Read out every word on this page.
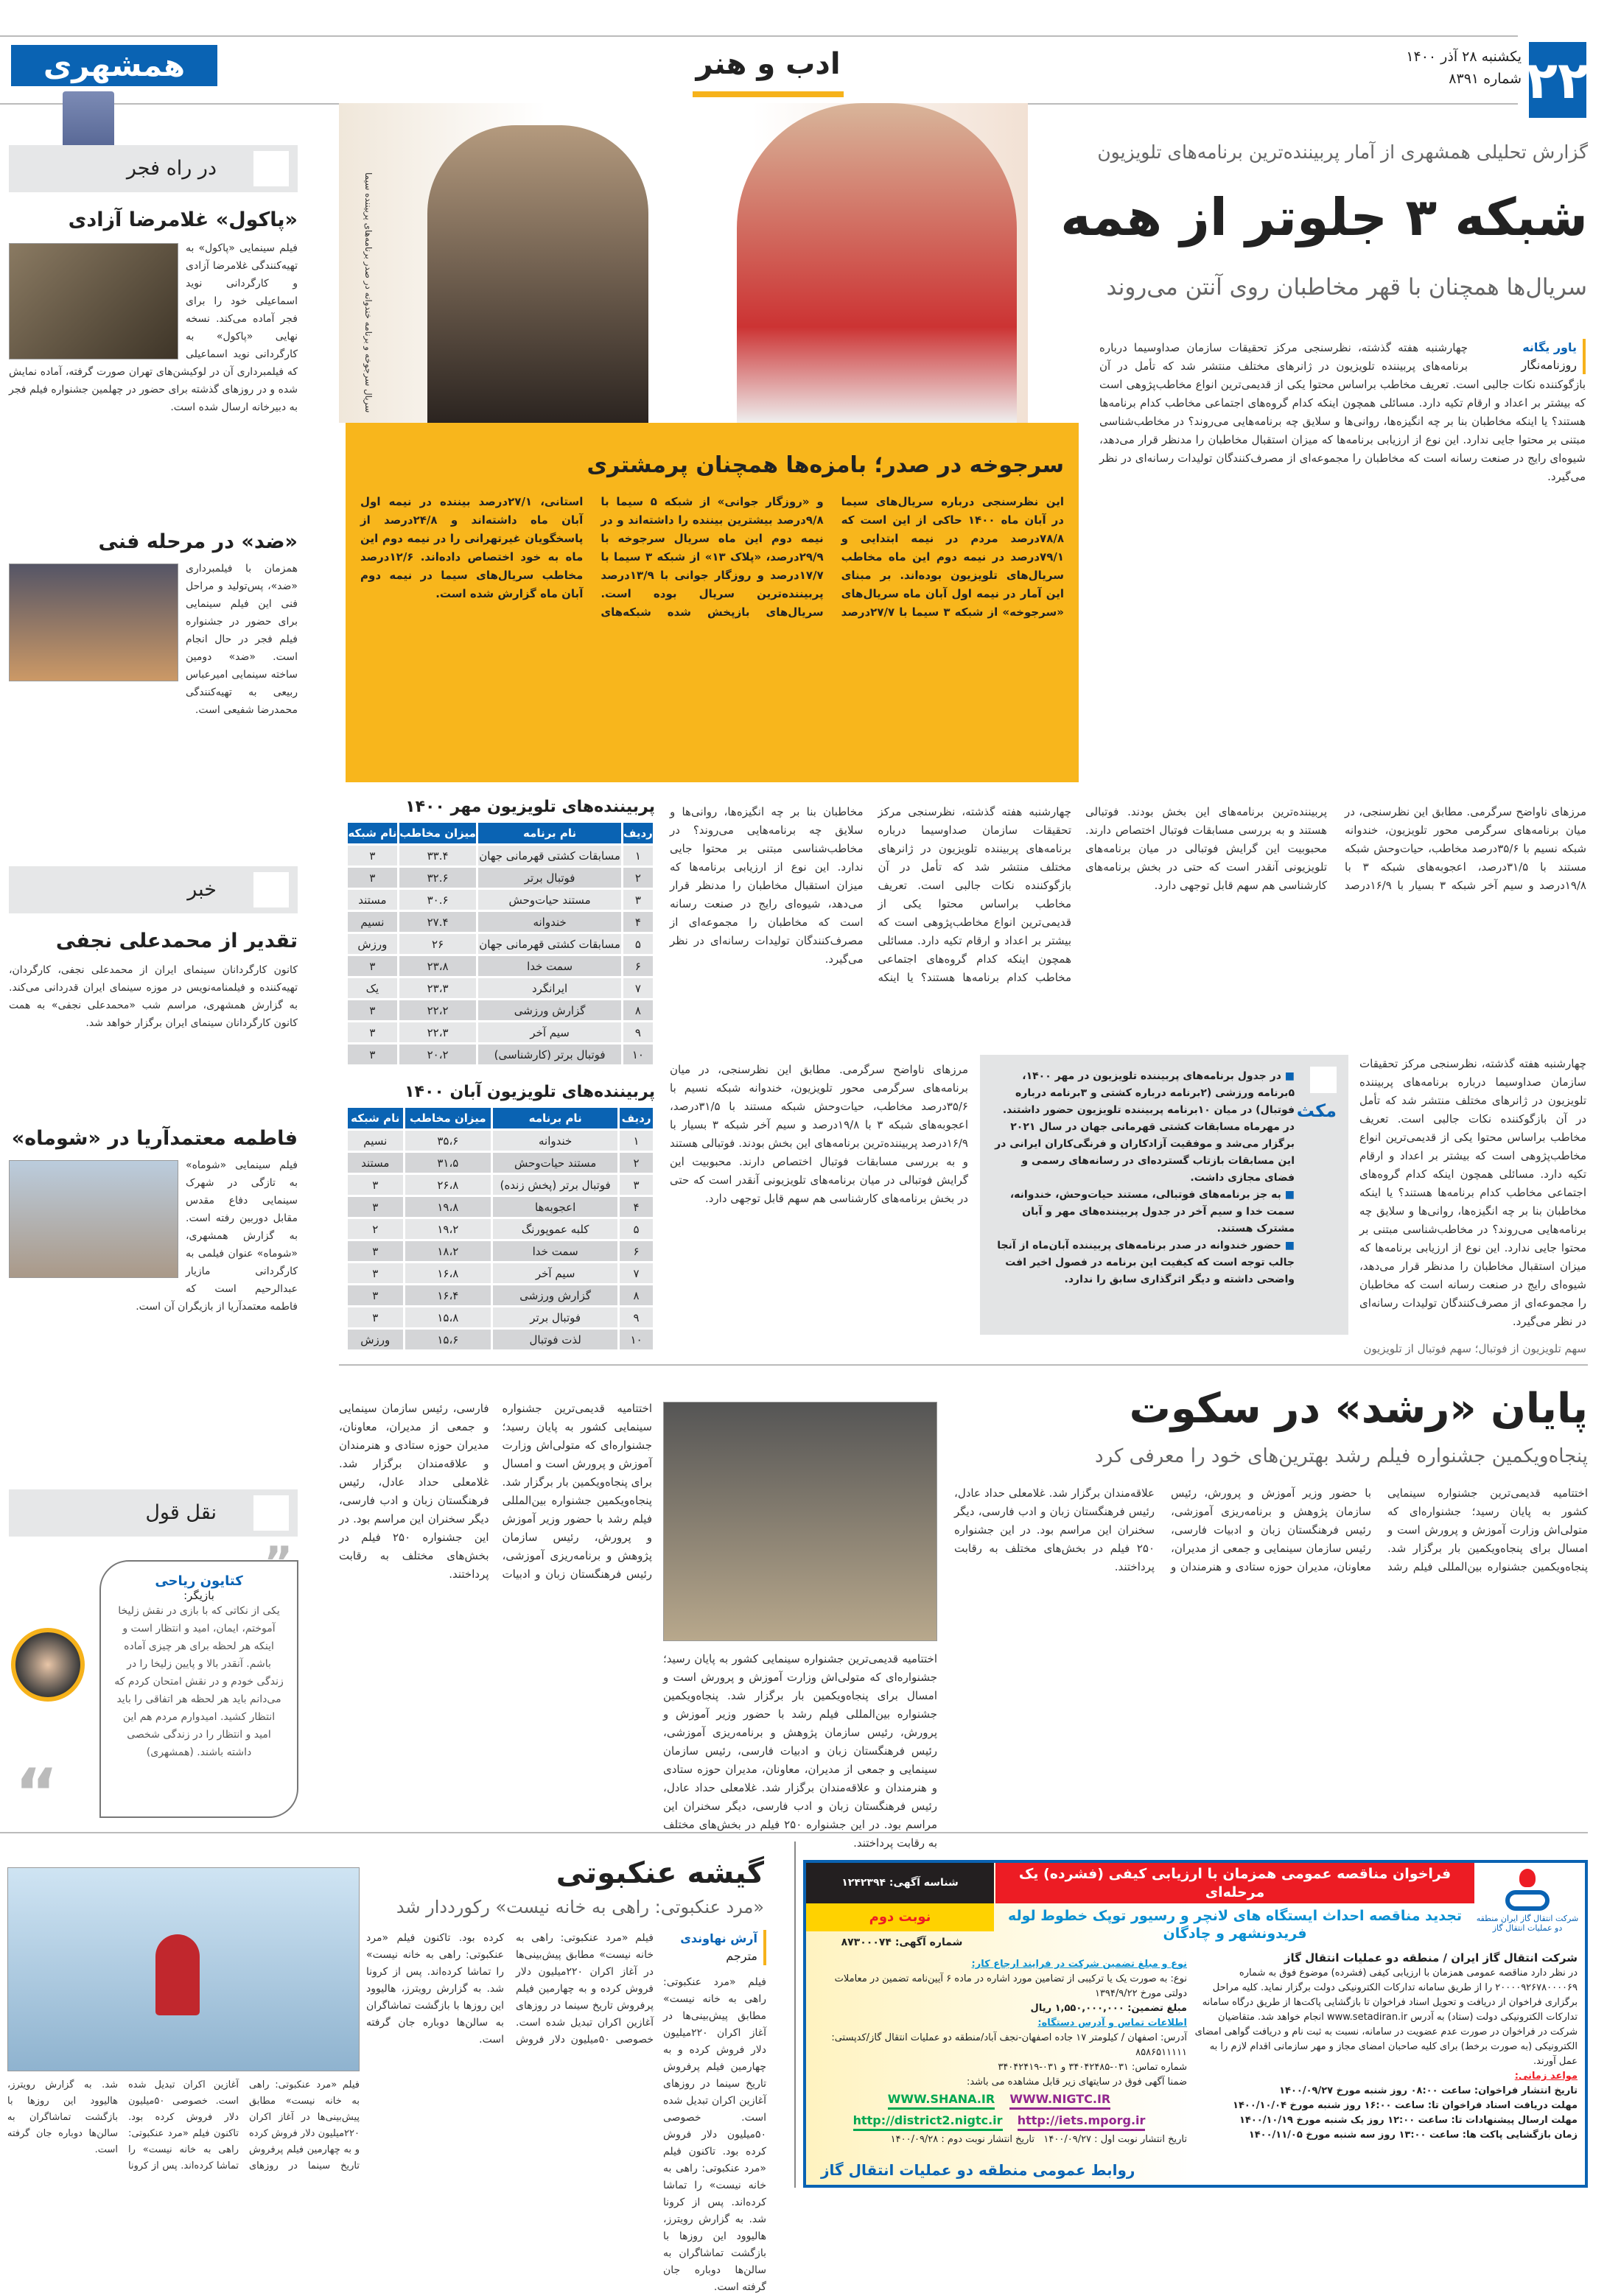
۲۲
یکشنبه ۲۸ آذر ۱۴۰۰
شماره ۸۳۹۱
ادب و هنر
همشهری
سریال سرجوخه و برنامه خندوانه در صدر برنامه‌های پربیننده سیما
گزارش تحلیلی همشهری از آمار پربیننده‌ترین برنامه‌های تلویزیون
شبکه ۳ جلوتر از همه
سریال‌ها همچنان با قهر مخاطبان روی آنتن می‌روند
یاور یگانه
روزنامه‌نگار
چهارشنبه هفته گذشته، نظرسنجی مرکز تحقیقات سازمان صداوسیما درباره برنامه‌های پربیننده تلویزیون در ژانرهای مختلف منتشر شد که تأمل در آن بازگوکننده نکات جالبی است. تعریف مخاطب براساس محتوا یکی از قدیمی‌ترین انواع مخاطب‌پژوهی است که بیشتر بر اعداد و ارقام تکیه دارد. مسائلی همچون اینکه کدام گروه‌های اجتماعی مخاطب کدام برنامه‌ها هستند؟ یا اینکه مخاطبان بنا بر چه انگیزه‌ها، روانی‌ها و سلایق چه برنامه‌هایی می‌روند؟ در مخاطب‌شناسی مبتنی بر محتوا جایی ندارد. این نوع از ارزیابی برنامه‌ها که میزان استقبال مخاطبان را مدنظر قرار می‌دهد، شیوه‌ای رایج در صنعت رسانه است که مخاطبان را مجموعه‌ای از مصرف‌کنندگان تولیدات رسانه‌ای در نظر می‌گیرد.
سرجوخه در صدر؛ بامزه‌ها همچنان پرمشتری
این نظرسنجی درباره سریال‌های سیما در آبان ماه ۱۴۰۰ حاکی از این است که ۷۸/۸درصد مردم در نیمه ابتدایی و ۷۹/۱درصد در نیمه دوم این ماه مخاطب سریال‌های تلویزیون بوده‌اند. بر مبنای این آمار در نیمه اول آبان ماه سریال‌های «سرجوخه» از شبکه ۳ سیما با ۲۷/۷درصد و «روزگار جوانی» از شبکه ۵ سیما با ۹/۸درصد بیشترین بیننده را داشته‌اند و در نیمه دوم این ماه سریال سرجوخه با ۲۹/۹درصد، «پلاک ۱۳» از شبکه ۳ سیما با ۱۷/۷درصد و روزگار جوانی با ۱۳/۹درصد پربیننده‌ترین سریال بوده است. سریال‌های بازپخش شده شبکه‌های استانی، ۲۷/۱درصد بیننده در نیمه اول آبان ماه داشته‌اند و ۲۴/۸درصد از پاسخگویان غیرتهرانی را در نیمه دوم این ماه به خود اختصاص داده‌اند. ۱۲/۶درصد مخاطب سریال‌های سیما در نیمه دوم آبان ماه گزارش شده است.
مرزهای ناواضح سرگرمی. مطابق این نظرسنجی، در میان برنامه‌های سرگرمی محور تلویزیون، خندوانه شبکه نسیم با ۳۵/۶درصد مخاطب، حیات‌وحش شبکه مستند با ۳۱/۵درصد، اعجوبه‌های شبکه ۳ با ۱۹/۸درصد و سیم آخر شبکه ۳ بسیار با ۱۶/۹درصد پربیننده‌ترین برنامه‌های این بخش بودند. فوتبالی هستند و به بررسی مسابقات فوتبال اختصاص دارند. محبوبیت این گرایش فوتبالی در میان برنامه‌های تلویزیونی آنقدر است که حتی در بخش برنامه‌های کارشناسی هم سهم قابل توجهی دارد.
چهارشنبه هفته گذشته، نظرسنجی مرکز تحقیقات سازمان صداوسیما درباره برنامه‌های پربیننده تلویزیون در ژانرهای مختلف منتشر شد که تأمل در آن بازگوکننده نکات جالبی است. تعریف مخاطب براساس محتوا یکی از قدیمی‌ترین انواع مخاطب‌پژوهی است که بیشتر بر اعداد و ارقام تکیه دارد. مسائلی همچون اینکه کدام گروه‌های اجتماعی مخاطب کدام برنامه‌ها هستند؟ یا اینکه مخاطبان بنا بر چه انگیزه‌ها، روانی‌ها و سلایق چه برنامه‌هایی می‌روند؟ در مخاطب‌شناسی مبتنی بر محتوا جایی ندارد. این نوع از ارزیابی برنامه‌ها که میزان استقبال مخاطبان را مدنظر قرار می‌دهد، شیوه‌ای رایج در صنعت رسانه است که مخاطبان را مجموعه‌ای از مصرف‌کنندگان تولیدات رسانه‌ای در نظر می‌گیرد.
سهم تلویزیون از فوتبال؛ سهم فوتبال از تلویزیون
چهارشنبه هفته گذشته، نظرسنجی مرکز تحقیقات سازمان صداوسیما درباره برنامه‌های پربیننده تلویزیون در ژانرهای مختلف منتشر شد که تأمل در آن بازگوکننده نکات جالبی است. تعریف مخاطب براساس محتوا یکی از قدیمی‌ترین انواع مخاطب‌پژوهی است که بیشتر بر اعداد و ارقام تکیه دارد. مسائلی همچون اینکه کدام گروه‌های اجتماعی مخاطب کدام برنامه‌ها هستند؟ یا اینکه مخاطبان بنا بر چه انگیزه‌ها، روانی‌ها و سلایق چه برنامه‌هایی می‌روند؟ در مخاطب‌شناسی مبتنی بر محتوا جایی ندارد. این نوع از ارزیابی برنامه‌ها که میزان استقبال مخاطبان را مدنظر قرار می‌دهد، شیوه‌ای رایج در صنعت رسانه است که مخاطبان را مجموعه‌ای از مصرف‌کنندگان تولیدات رسانه‌ای در نظر می‌گیرد.
مکث
■ در جدول برنامه‌های پربیننده تلویزیون در مهر ۱۴۰۰، ۵برنامه ورزشی (۲برنامه درباره کشتی و ۳برنامه درباره فوتبال) در میان ۱۰برنامه پربیننده تلویزیون حضور داشتند. در مهرماه مسابقات کشتی قهرمانی جهان در سال ۲۰۲۱ برگزار می‌شد و موفقیت آزادکاران و فرنگی‌کاران ایرانی در این مسابقات بازتاب گسترده‌ای در رسانه‌های رسمی و فضای مجازی داشت.
■ به جز برنامه‌های فوتبالی، مستند حیات‌وحش، خندوانه، سمت خدا و سیم آخر در جدول پربیننده‌های مهر و آبان مشترک هستند.
■ حضور خندوانه در صدر برنامه‌های پربیننده آبان‌ماه از آنجا جالب توجه است که کیفیت این برنامه در فصول اخیر افت واضحی داشته و دیگر اثرگذاری سابق را ندارد.
مرزهای ناواضح سرگرمی. مطابق این نظرسنجی، در میان برنامه‌های سرگرمی محور تلویزیون، خندوانه شبکه نسیم با ۳۵/۶درصد مخاطب، حیات‌وحش شبکه مستند با ۳۱/۵درصد، اعجوبه‌های شبکه ۳ با ۱۹/۸درصد و سیم آخر شبکه ۳ بسیار با ۱۶/۹درصد پربیننده‌ترین برنامه‌های این بخش بودند. فوتبالی هستند و به بررسی مسابقات فوتبال اختصاص دارند. محبوبیت این گرایش فوتبالی در میان برنامه‌های تلویزیونی آنقدر است که حتی در بخش برنامه‌های کارشناسی هم سهم قابل توجهی دارد.
پربیننده‌های تلویزیون مهر ۱۴۰۰
ردیف	نام برنامه	میزان مخاطب	نام شبکه
۱	مسابقات کشتی قهرمانی جهان	۳۳.۴	۳
۲	فوتبال برتر	۳۲.۶	۳
۳	مستند حیات‌وحش	۳۰.۶	مستند
۴	خندوانه	۲۷.۴	نسیم
۵	مسابقات کشتی قهرمانی جهان	۲۶	ورزش
۶	سمت خدا	۲۳،۸	۳
۷	ایرانگرد	۲۳،۳	یک
۸	گزارش ورزشی	۲۲،۲	۳
۹	سیم آخر	۲۲،۳	۳
۱۰	فوتبال برتر (کارشناسی)	۲۰،۲	۳
پربیننده‌های تلویزیون آبان ۱۴۰۰
ردیف	نام برنامه	میزان مخاطب	نام شبکه
۱	خندوانه	۳۵،۶	نسیم
۲	مستند حیات‌وحش	۳۱،۵	مستند
۳	فوتبال برتر (پخش زنده)	۲۶،۸	۳
۴	اعجوبه‌ها	۱۹،۸	۳
۵	کلبه عموپورنگ	۱۹،۲	۲
۶	سمت خدا	۱۸،۲	۳
۷	سیم آخر	۱۶،۸	۳
۸	گزارش ورزشی	۱۶،۴	۳
۹	فوتبال برتر	۱۵،۸	۳
۱۰	لذت فوتبال	۱۵،۶	ورزش
پایان «رشد» در سکوت
پنجاه‌ویکمین جشنواره فیلم رشد بهترین‌های خود را معرفی کرد
اختتامیه قدیمی‌ترین جشنواره سینمایی کشور به پایان رسید؛ جشنواره‌ای که متولی‌اش وزارت آموزش و پرورش است و امسال برای پنجاه‌ویکمین بار برگزار شد. پنجاه‌ویکمین جشنواره بین‌المللی فیلم رشد با حضور وزیر آموزش و پرورش، رئیس سازمان پژوهش و برنامه‌ریزی آموزشی، رئیس فرهنگستان زبان و ادبیات فارسی، رئیس سازمان سینمایی و جمعی از مدیران، معاونان، مدیران حوزه ستادی و هنرمندان و علاقه‌مندان برگزار شد. غلامعلی حداد عادل، رئیس فرهنگستان زبان و ادب فارسی، دیگر سخنران این مراسم بود. در این جشنواره ۲۵۰ فیلم در بخش‌های مختلف به رقابت پرداختند.
اختتامیه قدیمی‌ترین جشنواره سینمایی کشور به پایان رسید؛ جشنواره‌ای که متولی‌اش وزارت آموزش و پرورش است و امسال برای پنجاه‌ویکمین بار برگزار شد. پنجاه‌ویکمین جشنواره بین‌المللی فیلم رشد با حضور وزیر آموزش و پرورش، رئیس سازمان پژوهش و برنامه‌ریزی آموزشی، رئیس فرهنگستان زبان و ادبیات فارسی، رئیس سازمان سینمایی و جمعی از مدیران، معاونان، مدیران حوزه ستادی و هنرمندان و علاقه‌مندان برگزار شد. غلامعلی حداد عادل، رئیس فرهنگستان زبان و ادب فارسی، دیگر سخنران این مراسم بود. در این جشنواره ۲۵۰ فیلم در بخش‌های مختلف به رقابت پرداختند.
اختتامیه قدیمی‌ترین جشنواره سینمایی کشور به پایان رسید؛ جشنواره‌ای که متولی‌اش وزارت آموزش و پرورش است و امسال برای پنجاه‌ویکمین بار برگزار شد. پنجاه‌ویکمین جشنواره بین‌المللی فیلم رشد با حضور وزیر آموزش و پرورش، رئیس سازمان پژوهش و برنامه‌ریزی آموزشی، رئیس فرهنگستان زبان و ادبیات فارسی، رئیس سازمان سینمایی و جمعی از مدیران، معاونان، مدیران حوزه ستادی و هنرمندان و علاقه‌مندان برگزار شد. غلامعلی حداد عادل، رئیس فرهنگستان زبان و ادب فارسی، دیگر سخنران این مراسم بود. در این جشنواره ۲۵۰ فیلم در بخش‌های مختلف به رقابت پرداختند.
در راه فجر
«پاکول» غلامرضا آزادی
فیلم سینمایی «پاکول» به تهیه‌کنندگی غلامرضا آزادی و کارگردانی نوید اسماعیلی خود را برای فجر آماده می‌کند. نسخه نهایی «پاکول» به کارگردانی نوید اسماعیلی که فیلمبرداری آن در لوکیشن‌های تهران صورت گرفته، آماده نمایش شده و در روزهای گذشته برای حضور در چهلمین جشنواره فیلم فجر به دبیرخانه ارسال شده است.
«ضد» در مرحله فنی
همزمان با فیلمبرداری «ضد»، پس‌تولید و مراحل فنی این فیلم سینمایی برای حضور در جشنواره فیلم فجر در حال انجام است. «ضد» دومین ساخته سینمایی امیرعباس ربیعی به تهیه‌کنندگی محمدرضا شفیعی است.
خبر
تقدیر از محمدعلی نجفی
کانون کارگردانان سینمای ایران از محمدعلی نجفی، کارگردان، تهیه‌کننده و فیلمنامه‌نویس در موزه سینمای ایران قدردانی می‌کند. به گزارش همشهری، مراسم شب «محمدعلی نجفی» به همت کانون کارگردانان سینمای ایران برگزار خواهد شد.
فاطمه معتمدآریا در «شوماه»
فیلم سینمایی «شوماه» به تازگی در شهرک سینمایی دفاع مقدس مقابل دوربین رفته است. به گزارش همشهری، «شوماه» عنوان فیلمی به کارگردانی مازیار عبدالرحیم است که فاطمه معتمدآریا از بازیگران آن است.
نقل قول
“
کتایون ریاحی
بازیگر:
یکی از نکاتی که با بازی در نقش زلیخا آموختم، ایمان، امید و انتظار است و اینکه هر لحظه برای هر چیزی آماده باشم. آنقدر بالا و پایین زلیخا را در زندگی خودم و در نقش امتحان کردم که می‌دانم باید هر لحظه هر اتفاقی را باید انتظار کشید. امیدوارم مردم هم این امید و انتظار را در زندگی شخصی داشته باشند. (همشهری)
”
فیلم «مرد عنکبوتی: راهی به خانه نیست» مطابق پیش‌بینی‌ها در آغاز اکران ۲۲۰میلیون دلار فروش کرده و به چهارمین فیلم پرفروش تاریخ سینما در روزهای آغازین اکران تبدیل شده است. خصوصی ۵۰میلیون دلار فروش کرده بود. تاکنون فیلم «مرد عنکبوتی: راهی به خانه نیست» را تماشا کرده‌اند. پس از کرونا شد. به گزارش رویترز، هالیوود این روزها با بازگشت تماشاگران به سالن‌ها دوباره جان گرفته است.
گیشه عنکبوتی
«مرد عنکبوتی: راهی به خانه نیست» رکورددار شد
آرش نهاوندی
مترجم
فیلم «مرد عنکبوتی: راهی به خانه نیست» مطابق پیش‌بینی‌ها در آغاز اکران ۲۲۰میلیون دلار فروش کرده و به چهارمین فیلم پرفروش تاریخ سینما در روزهای آغازین اکران تبدیل شده است. خصوصی ۵۰میلیون دلار فروش کرده بود. تاکنون فیلم «مرد عنکبوتی: راهی به خانه نیست» را تماشا کرده‌اند. پس از کرونا شد. به گزارش رویترز، هالیوود این روزها با بازگشت تماشاگران به سالن‌ها دوباره جان گرفته است.
فیلم «مرد عنکبوتی: راهی به خانه نیست» مطابق پیش‌بینی‌ها در آغاز اکران ۲۲۰میلیون دلار فروش کرده و به چهارمین فیلم پرفروش تاریخ سینما در روزهای آغازین اکران تبدیل شده است. خصوصی ۵۰میلیون دلار فروش کرده بود. تاکنون فیلم «مرد عنکبوتی: راهی به خانه نیست» را تماشا کرده‌اند. پس از کرونا شد. به گزارش رویترز، هالیوود این روزها با بازگشت تماشاگران به سالن‌ها دوباره جان گرفته است.
فراخوان مناقصه عمومی همزمان با ارزیابی کیفی (فشرده) یک مرحله‌ای
شناسه آگهی: ۱۲۴۲۳۹۴
نوبت دوم
شماره آگهی: ۸۷۳۰۰۰۷۴
تجدید مناقصه احداث ایستگاه های لانچر و رسیور توپک خطوط لوله فریدونشهر و چادگان
شرکت انتقال گاز ایران منطقه دو عملیات انتقال گاز
شرکت انتقال گاز ایران / منطقه دو عملیات انتقال گاز
در نظر دارد مناقصه عمومی همزمان با ارزیابی کیفی (فشرده) موضوع فوق به شماره ۲۰۰۰۰۹۲۶۷۸۰۰۰۰۶۹ را از طریق سامانه تدارکات الکترونیکی دولت برگزار نماید. کلیه مراحل برگزاری فراخوان از دریافت و تحویل اسناد فراخوان تا بازگشایی پاکت‌ها از طریق درگاه سامانه تدارکات الکترونیکی دولت (ستاد) به آدرس www.setadiran.ir انجام خواهد شد. متقاضیان شرکت در فراخوان در صورت عدم عضویت در سامانه، نسبت به ثبت نام و دریافت گواهی امضای الکترونیکی (به صورت برخط) برای کلیه صاحبان امضای مجاز و مهر سازمانی اقدام لازم را به عمل آورند.
مواعد زمانی:
تاریخ انتشار فراخوان: ساعت ۰۸:۰۰ روز شنبه مورخ ۱۴۰۰/۰۹/۲۷
مهلت دریافت اسناد فراخوان تا: ساعت ۱۶:۰۰ روز شنبه مورخ ۱۴۰۰/۱۰/۰۴
مهلت ارسال پیشنهادات تا: ساعت ۱۲:۰۰ روز یک شنبه مورخ ۱۴۰۰/۱۰/۱۹
زمان بازگشایی پاکت ها: ساعت ۱۳:۰۰ روز سه شنبه مورخ ۱۴۰۰/۱۱/۰۵
نوع و مبلغ تضمین شرکت در فرایند ارجاع کار:
نوع: به صورت یک یا ترکیبی از تضامین مورد اشاره در ماده ۶ آیین‌نامه تضمین در معاملات دولتی مورخ ۱۳۹۴/۹/۲۲
مبلغ تضمین: ۱,۵۵۰,۰۰۰,۰۰۰ ریال
اطلاعات تماس و آدرس دستگاه:
آدرس: اصفهان / کیلومتر ۱۷ جاده اصفهان-نجف آباد/منطقه دو عملیات انتقال گاز/کدپستی: ۸۵۸۶۵۱۱۱۱۱
شماره تماس: ۰۳۱-۳۴۰۴۲۴۸۵ و ۰۳۱-۳۴۰۴۲۴۱۹
ضمنا آگهی فوق در سایتهای زیر قابل مشاهده می باشد:
WWW.SHANA.IR WWW.NIGTC.IR
http://district2.nigtc.ir http://iets.mporg.ir
تاریخ انتشار نوبت اول : ۱۴۰۰/۰۹/۲۷   تاریخ انتشار نوبت دوم : ۱۴۰۰/۰۹/۲۸
روابط عمومی منطقه دو عملیات انتقال گاز
